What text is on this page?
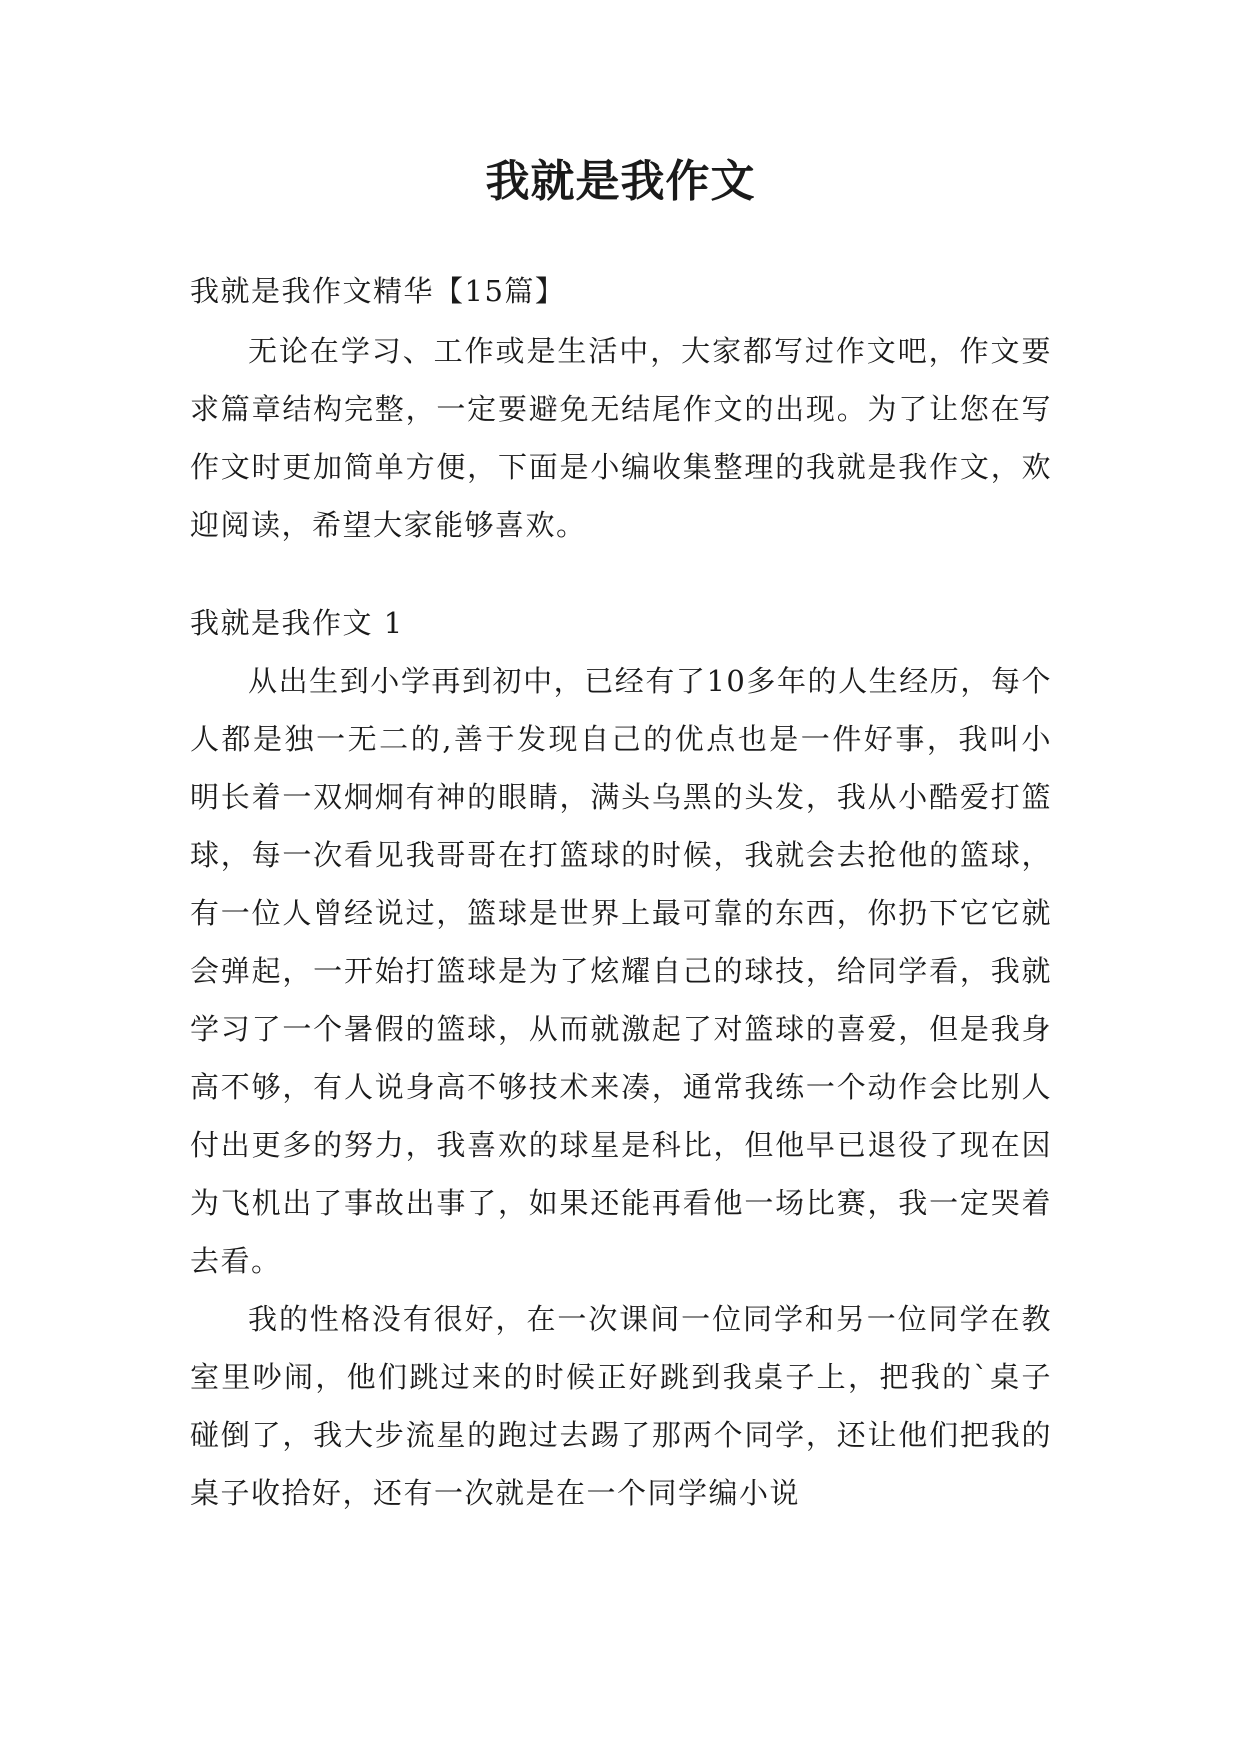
我就是我作文

我就是我作文精华【15篇】

无论在学习、工作或是生活中，大家都写过作文吧，作文要求篇章结构完整，一定要避免无结尾作文的出现。为了让您在写作文时更加简单方便，下面是小编收集整理的我就是我作文，欢迎阅读，希望大家能够喜欢。

我就是我作文 1

从出生到小学再到初中，已经有了10多年的人生经历，每个人都是独一无二的,善于发现自己的优点也是一件好事，我叫小明长着一双炯炯有神的眼睛，满头乌黑的头发，我从小酷爱打篮球，每一次看见我哥哥在打篮球的时候，我就会去抢他的篮球，有一位人曾经说过，篮球是世界上最可靠的东西，你扔下它它就会弹起，一开始打篮球是为了炫耀自己的球技，给同学看，我就学习了一个暑假的篮球，从而就激起了对篮球的喜爱，但是我身高不够，有人说身高不够技术来凑，通常我练一个动作会比别人付出更多的努力，我喜欢的球星是科比，但他早已退役了现在因为飞机出了事故出事了，如果还能再看他一场比赛，我一定哭着去看。

我的性格没有很好，在一次课间一位同学和另一位同学在教室里吵闹，他们跳过来的时候正好跳到我桌子上，把我的`桌子碰倒了，我大步流星的跑过去踢了那两个同学，还让他们把我的桌子收拾好，还有一次就是在一个同学编小说
